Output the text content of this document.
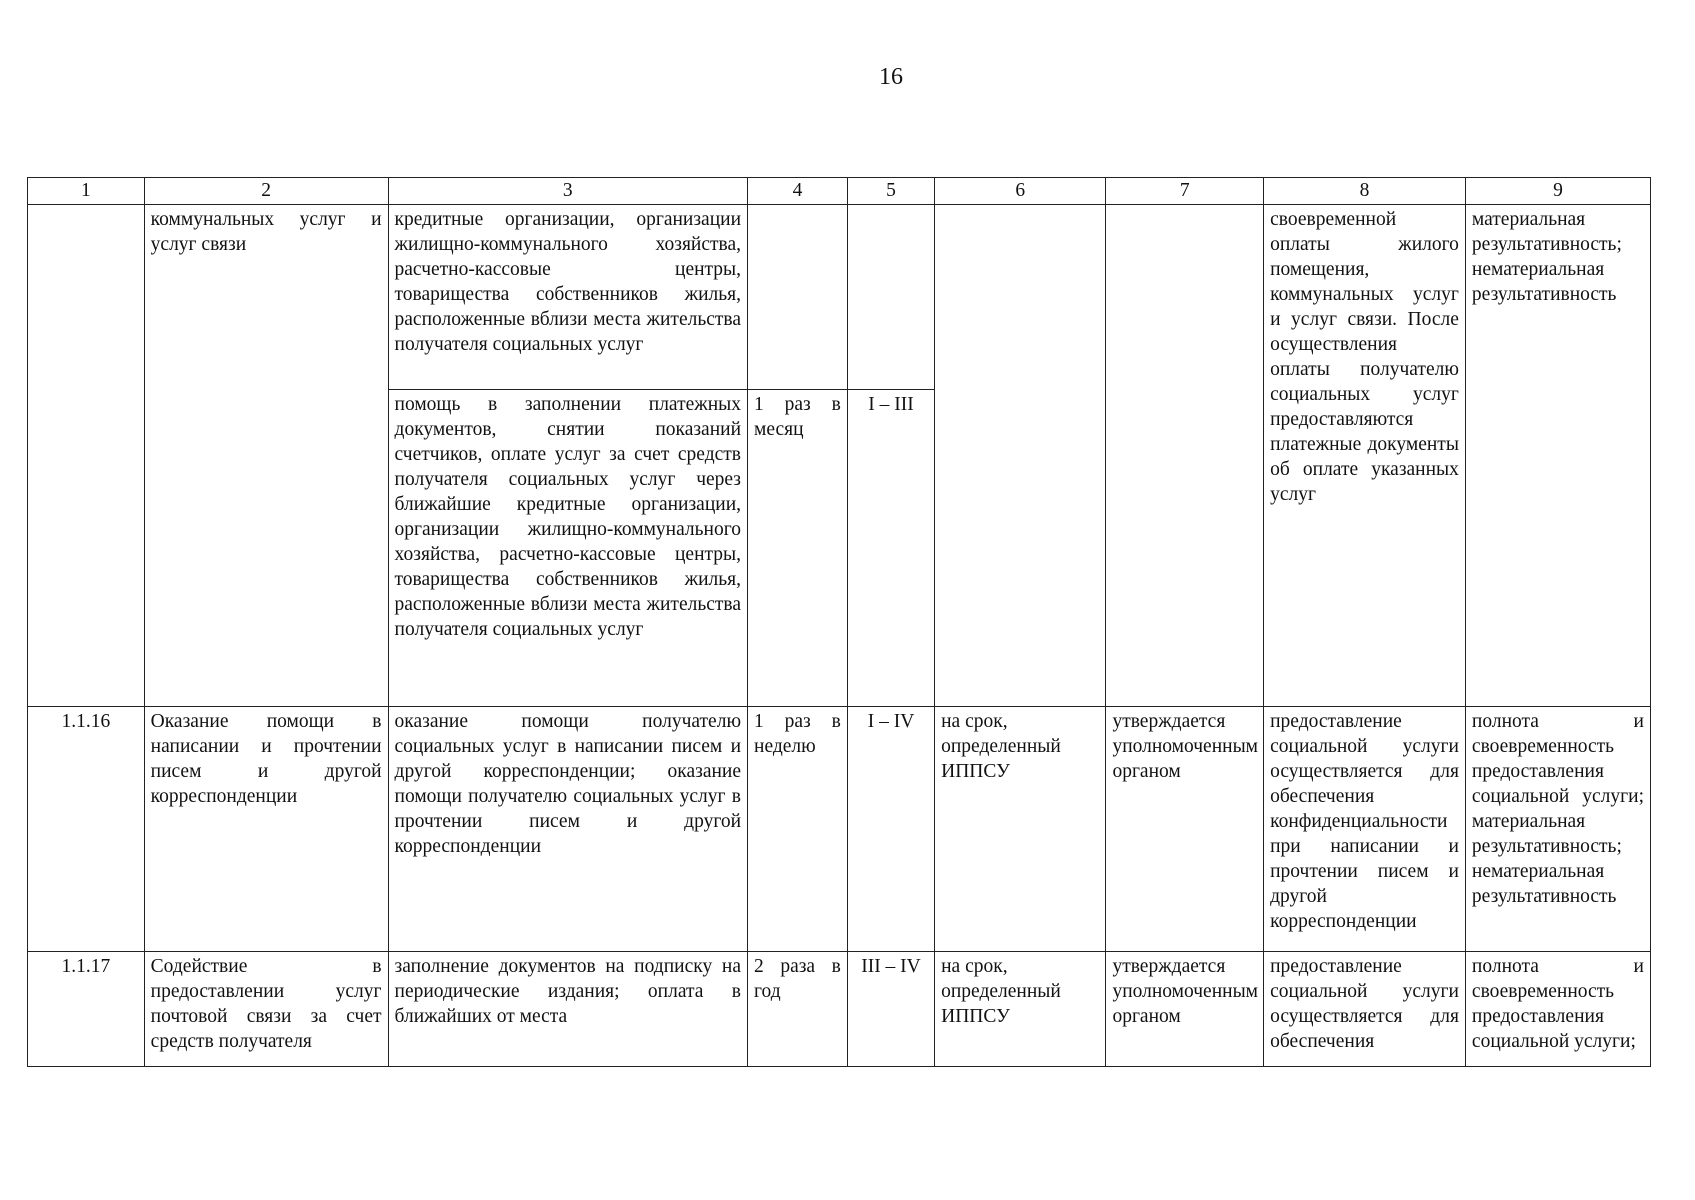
16
1	2	3	4	5	6	7	8	9

	коммунальных услуг и услуг связи	кредитные организации, организации жилищно-коммунального хозяйства, расчетно-кассовые центры, товарищества собственников жилья, расположенные вблизи места жительства получателя социальных услуг					своевременной оплаты жилого помещения, коммунальных услуг и услуг связи. После осуществления оплаты получателю социальных услуг предоставляются платежные документы об оплате указанных услуг	материальная результативность; нематериальная результативность

		помощь в заполнении платежных документов, снятии показаний счетчиков, оплате услуг за счет средств получателя социальных услуг через ближайшие кредитные организации, организации жилищно-коммунального хозяйства, расчетно-кассовые центры, товарищества собственников жилья, расположенные вблизи места жительства получателя социальных услуг	1 раз в месяц	I – III				

1.1.16	Оказание помощи в написании и прочтении писем и другой корреспонденции	оказание помощи получателю социальных услуг в написании писем и другой корреспонденции; оказание помощи получателю социальных услуг в прочтении писем и другой корреспонденции	1 раз в неделю	I – IV	на срок, определенный ИППСУ	утверждается уполномоченным органом	предоставление социальной услуги осуществляется для обеспечения конфиденциальности при написании и прочтении писем и другой корреспонденции	полнота и своевременность предоставления социальной услуги; материальная результативность; нематериальная результативность

1.1.17	Содействие в предоставлении услуг почтовой связи за счет средств получателя	заполнение документов на подписку на периодические издания; оплата в ближайших от места	2 раза в год	III – IV	на срок, определенный ИППСУ	утверждается уполномоченным органом	предоставление социальной услуги осуществляется для обеспечения	полнота и своевременность предоставления социальной услуги;
